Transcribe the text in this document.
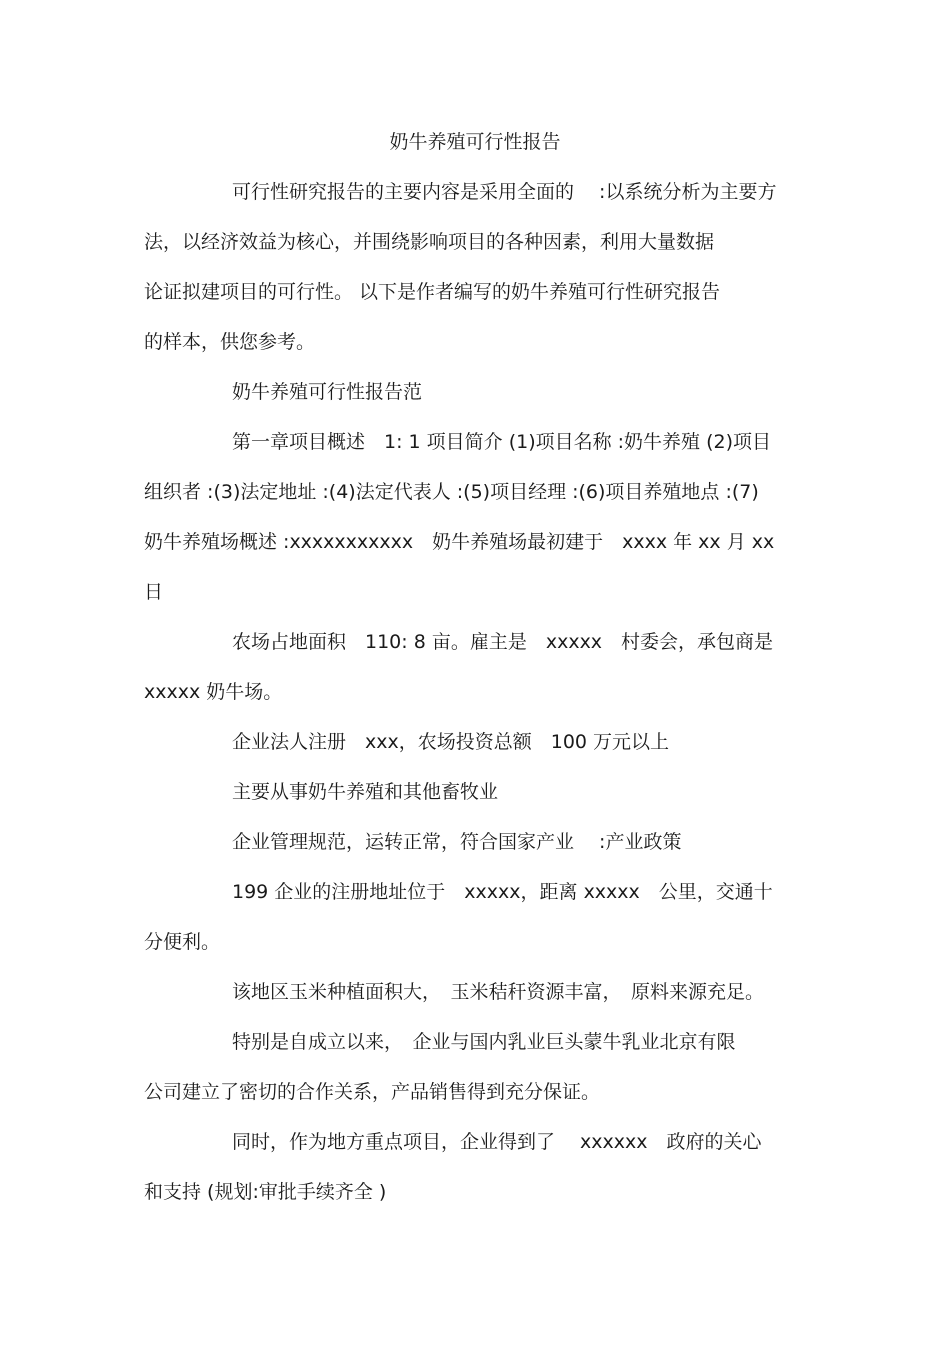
奶牛养殖可行性报告
可行性研究报告的主要内容是采用全面的　 :以系统分析为主要方
法，以经济效益为核心，并围绕影响项目的各种因素，利用大量数据
论证拟建项目的可行性。 以下是作者编写的奶牛养殖可行性研究报告
的样本，供您参考。
奶牛养殖可行性报告范
第一章项目概述　1: 1 项目简介 (1)项目名称 :奶牛养殖 (2)项目
组织者 :(3)法定地址 :(4)法定代表人 :(5)项目经理 :(6)项目养殖地点 :(7)
奶牛养殖场概述 :xxxxxxxxxxx　奶牛养殖场最初建于　xxxx 年 xx 月 xx
日
农场占地面积　110: 8 亩。雇主是　xxxxx　村委会，承包商是
xxxxx 奶牛场。
企业法人注册　xxx，农场投资总额　100 万元以上
主要从事奶牛养殖和其他畜牧业
企业管理规范，运转正常，符合国家产业　 :产业政策
199 企业的注册地址位于　xxxxx，距离 xxxxx　公里，交通十
分便利。
该地区玉米种植面积大，　玉米秸秆资源丰富，　原料来源充足。
特别是自成立以来，　企业与国内乳业巨头蒙牛乳业北京有限
公司建立了密切的合作关系，产品销售得到充分保证。
同时，作为地方重点项目，企业得到了　 xxxxxx　政府的关心
和支持 (规划:审批手续齐全 )
